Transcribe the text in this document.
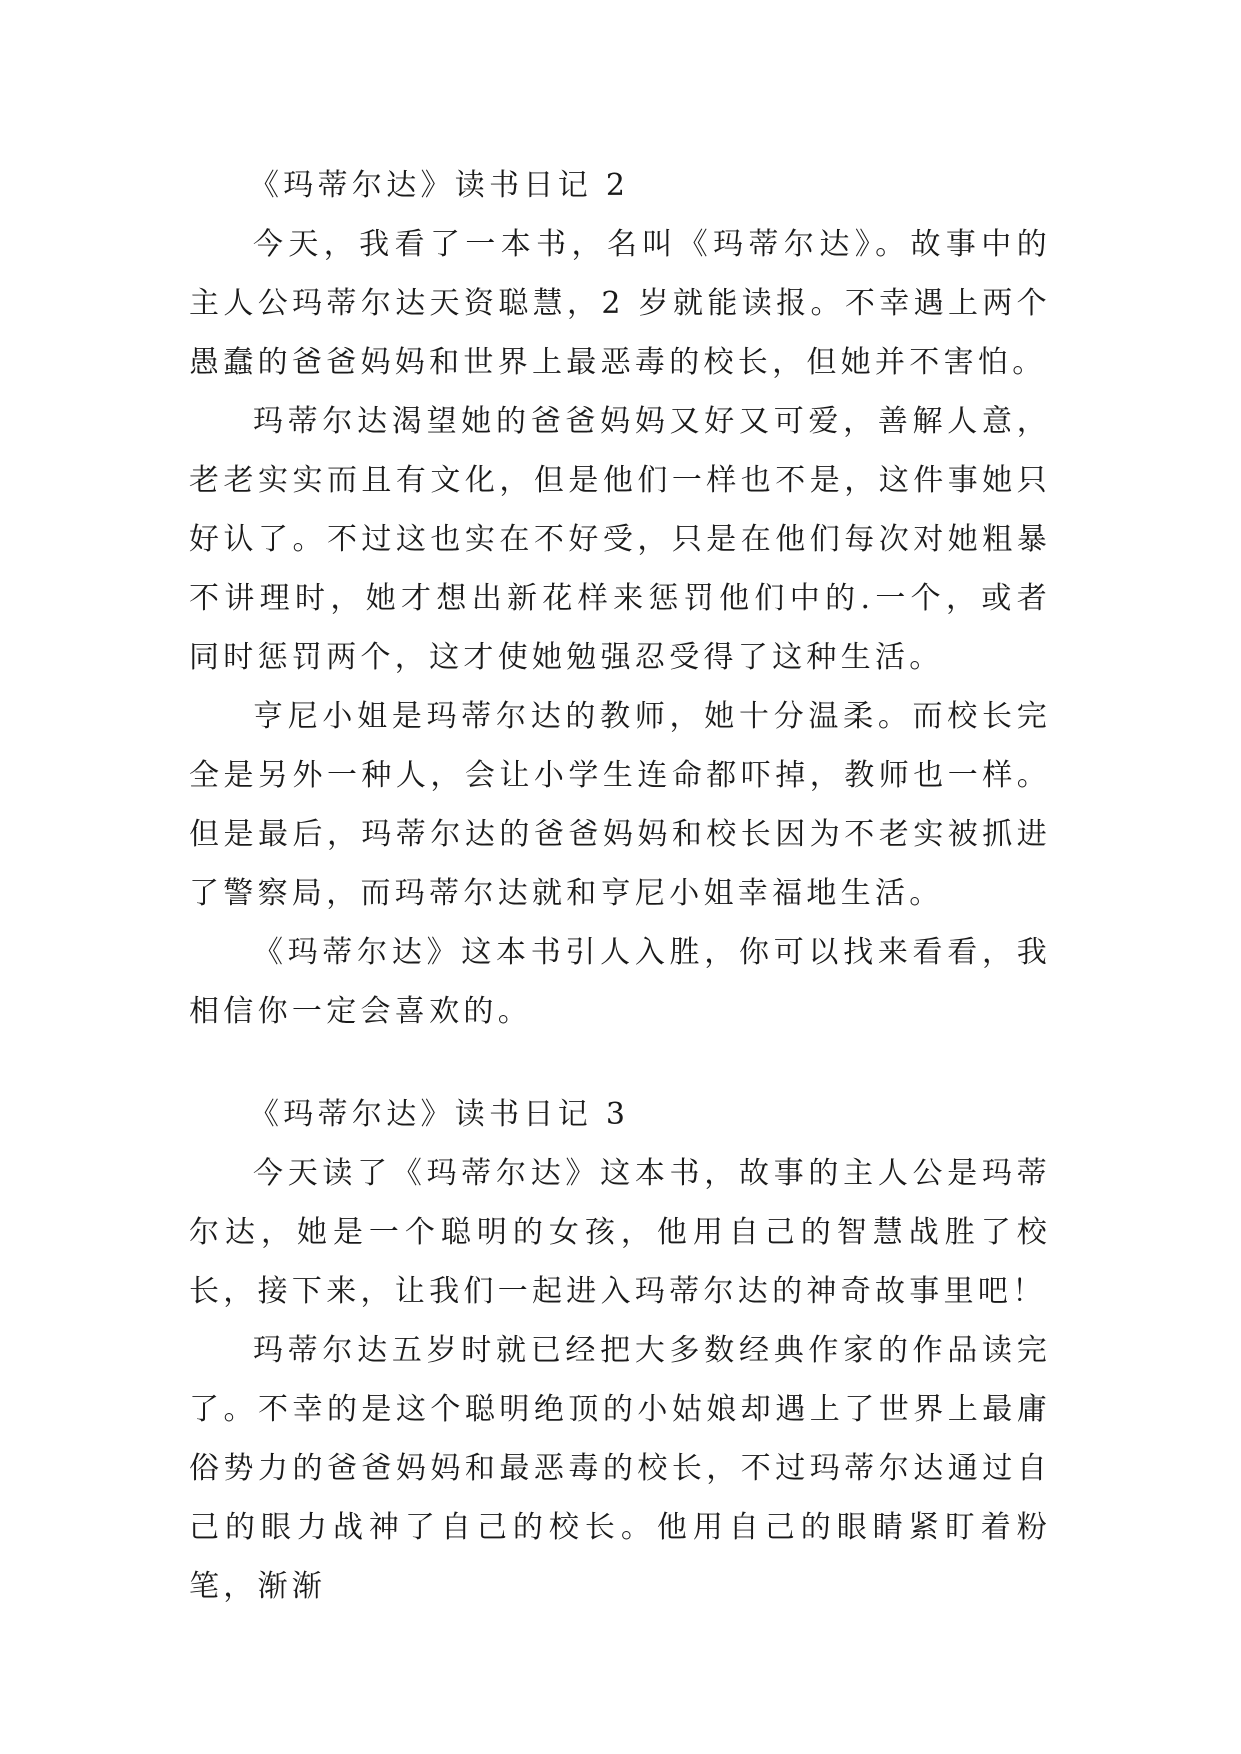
《玛蒂尔达》读书日记 2

今天，我看了一本书，名叫《玛蒂尔达》。故事中的主人公玛蒂尔达天资聪慧，2 岁就能读报。不幸遇上两个愚蠢的爸爸妈妈和世界上最恶毒的校长，但她并不害怕。

玛蒂尔达渴望她的爸爸妈妈又好又可爱，善解人意，老老实实而且有文化，但是他们一样也不是，这件事她只好认了。不过这也实在不好受，只是在他们每次对她粗暴不讲理时，她才想出新花样来惩罚他们中的.一个，或者同时惩罚两个，这才使她勉强忍受得了这种生活。

亨尼小姐是玛蒂尔达的教师，她十分温柔。而校长完全是另外一种人，会让小学生连命都吓掉，教师也一样。但是最后，玛蒂尔达的爸爸妈妈和校长因为不老实被抓进了警察局，而玛蒂尔达就和亨尼小姐幸福地生活。

《玛蒂尔达》这本书引人入胜，你可以找来看看，我相信你一定会喜欢的。

《玛蒂尔达》读书日记 3

今天读了《玛蒂尔达》这本书，故事的主人公是玛蒂尔达，她是一个聪明的女孩，他用自己的智慧战胜了校长，接下来，让我们一起进入玛蒂尔达的神奇故事里吧！

玛蒂尔达五岁时就已经把大多数经典作家的作品读完了。不幸的是这个聪明绝顶的小姑娘却遇上了世界上最庸俗势力的爸爸妈妈和最恶毒的校长，不过玛蒂尔达通过自己的眼力战神了自己的校长。他用自己的眼睛紧盯着粉笔，渐渐
